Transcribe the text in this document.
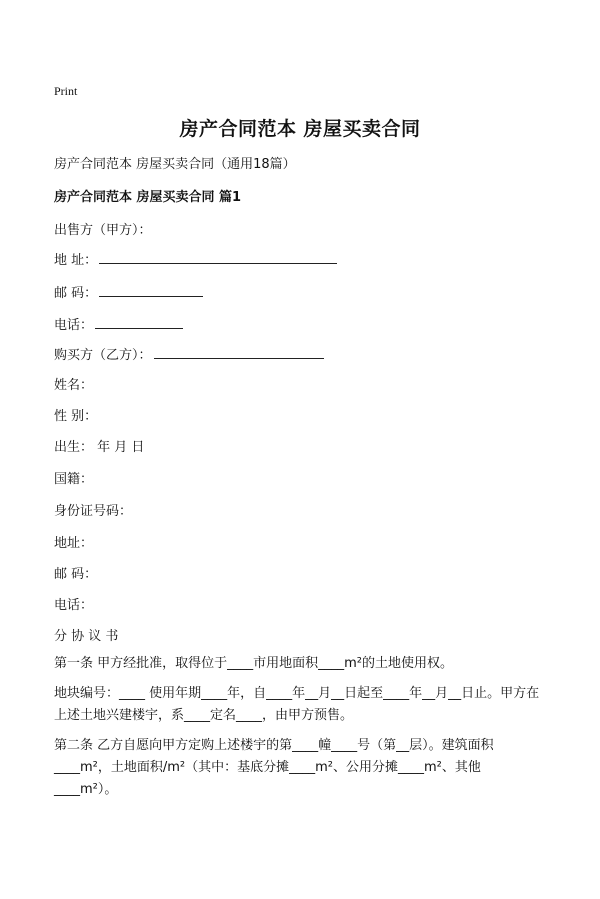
Print
房产合同范本 房屋买卖合同
房产合同范本 房屋买卖合同（通用18篇）
房产合同范本 房屋买卖合同 篇1
出售方（甲方）：
地 址：
邮 码：
电话：
购买方（乙方）：
姓名：
性 别：
出生： 年 月 日
国籍：
身份证号码：
地址：
邮 码：
电话：
分 协 议 书
第一条 甲方经批准，取得位于____市用地面积____m²的土地使用权。
地块编号：____ 使用年期____年，自____年__月__日起至____年__月__日止。甲方在上述土地兴建楼宇，系____定名____，由甲方预售。
第二条 乙方自愿向甲方定购上述楼宇的第____幢____号（第__层）。建筑面积____m²，土地面积/m²（其中：基底分摊____m²、公用分摊____m²、其他____m²）。
